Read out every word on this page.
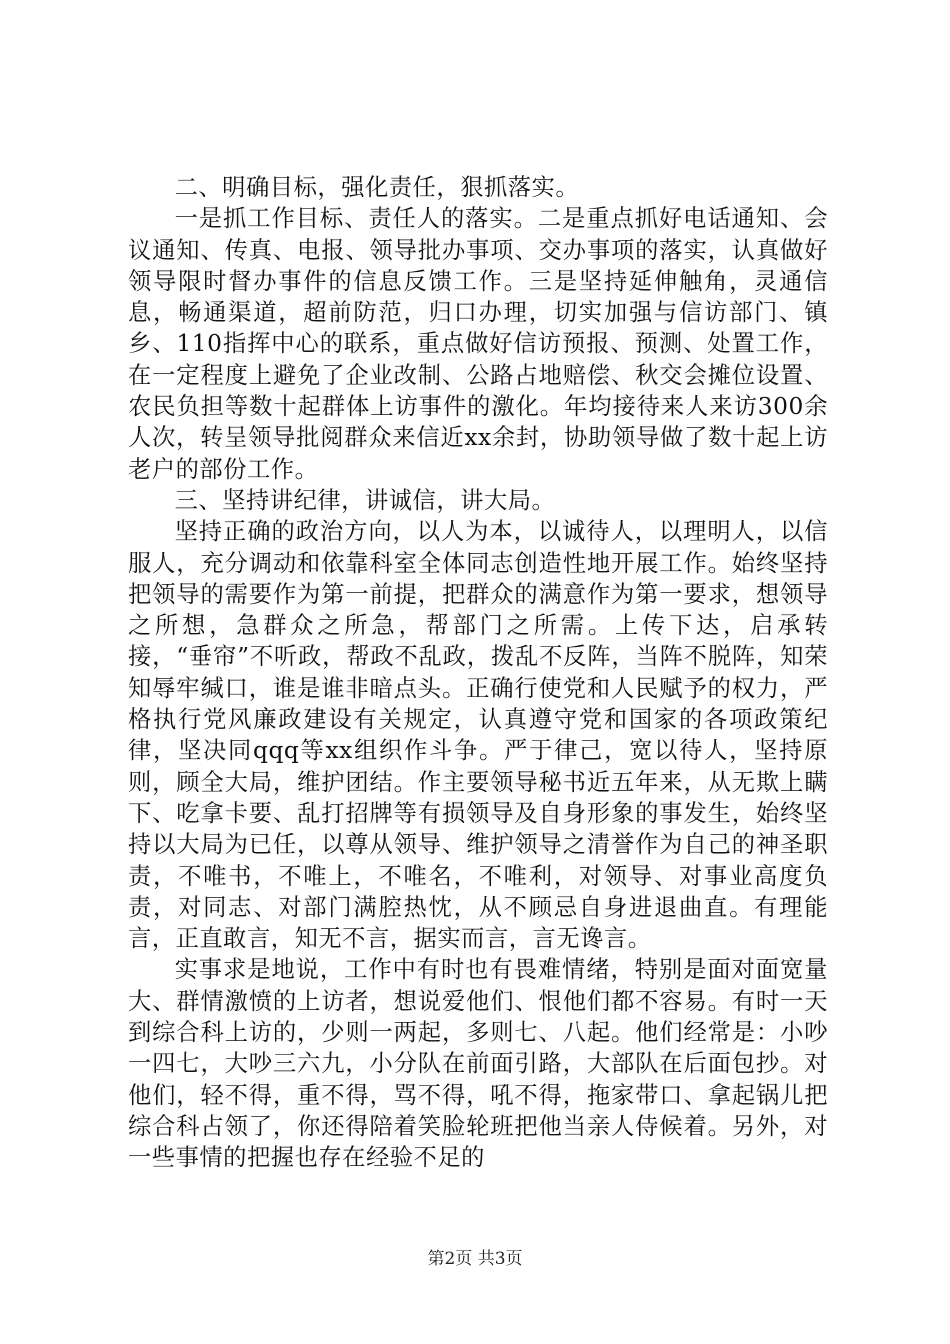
二、明确目标，强化责任，狠抓落实。

一是抓工作目标、责任人的落实。二是重点抓好电话通知、会议通知、传真、电报、领导批办事项、交办事项的落实，认真做好领导限时督办事件的信息反馈工作。三是坚持延伸触角，灵通信息，畅通渠道，超前防范，归口办理，切实加强与信访部门、镇乡、110指挥中心的联系，重点做好信访预报、预测、处置工作，在一定程度上避免了企业改制、公路占地赔偿、秋交会摊位设置、农民负担等数十起群体上访事件的激化。年均接待来人来访300余人次，转呈领导批阅群众来信近xx余封，协助领导做了数十起上访老户的部份工作。

三、坚持讲纪律，讲诚信，讲大局。

坚持正确的政治方向，以人为本，以诚待人，以理明人，以信服人，充分调动和依靠科室全体同志创造性地开展工作。始终坚持把领导的需要作为第一前提，把群众的满意作为第一要求，想领导之所想，急群众之所急，帮部门之所需。上传下达，启承转接，“垂帘”不听政，帮政不乱政，拨乱不反阵，当阵不脱阵，知荣知辱牢缄口，谁是谁非暗点头。正确行使党和人民赋予的权力，严格执行党风廉政建设有关规定，认真遵守党和国家的各项政策纪律，坚决同qqq等xx组织作斗争。严于律己，宽以待人，坚持原则，顾全大局，维护团结。作主要领导秘书近五年来，从无欺上瞒下、吃拿卡要、乱打招牌等有损领导及自身形象的事发生，始终坚持以大局为已任，以尊从领导、维护领导之清誉作为自己的神圣职责，不唯书，不唯上，不唯名，不唯利，对领导、对事业高度负责，对同志、对部门满腔热忱，从不顾忌自身进退曲直。有理能言，正直敢言，知无不言，据实而言，言无谗言。

实事求是地说，工作中有时也有畏难情绪，特别是面对面宽量大、群情激愤的上访者，想说爱他们、恨他们都不容易。有时一天到综合科上访的，少则一两起，多则七、八起。他们经常是：小吵一四七，大吵三六九，小分队在前面引路，大部队在后面包抄。对他们，轻不得，重不得，骂不得，吼不得，拖家带口、拿起锅儿把综合科占领了，你还得陪着笑脸轮班把他当亲人侍候着。另外，对一些事情的把握也存在经验不足的

第2页 共3页
